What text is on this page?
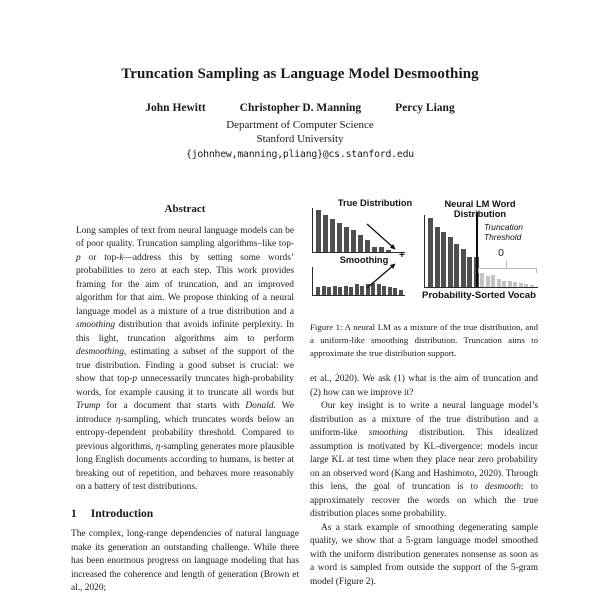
Truncation Sampling as Language Model Desmoothing
John Hewitt	Christopher D. Manning	Percy Liang
Department of Computer Science
Stanford University
{johnhew,manning,pliang}@cs.stanford.edu
Abstract
Long samples of text from neural language models can be of poor quality. Truncation sampling algorithms–like top-p or top-k—address this by setting some words’ probabilities to zero at each step. This work provides framing for the aim of truncation, and an improved algorithm for that aim. We propose thinking of a neural language model as a mixture of a true distribution and a smoothing distribution that avoids infinite perplexity. In this light, truncation algorithms aim to perform desmoothing, estimating a subset of the support of the true distribution. Finding a good subset is crucial: we show that top-p unnecessarily truncates high-probability words, for example causing it to truncate all words but Trump for a document that starts with Donald. We introduce η-sampling, which truncates words below an entropy-dependent probability threshold. Compared to previous algorithms, η-sampling generates more plausible long English documents according to humans, is better at breaking out of repetition, and behaves more reasonably on a battery of test distributions.
1 Introduction
The complex, long-range dependencies of natural language make its generation an outstanding challenge. While there has been enormous progress on language modeling that has increased the coherence and length of generation (Brown et al., 2020;
True Distribution
Smoothing	+
Neural LM Word Distribution
Truncation Threshold
0
Probability-Sorted Vocab
Figure 1: A neural LM as a mixture of the true distribution, and a uniform-like smoothing distribution. Truncation aims to approximate the true distribution support.
et al., 2020). We ask (1) what is the aim of truncation and (2) how can we improve it?
Our key insight is to write a neural language model’s distribution as a mixture of the true distribution and a uniform-like smoothing distribution. This idealized assumption is motivated by KL-divergence: models incur large KL at test time when they place near zero probability on an observed word (Kang and Hashimoto, 2020). Through this lens, the goal of truncation is to desmooth: to approximately recover the words on which the true distribution places some probability.
As a stark example of smoothing degenerating sample quality, we show that a 5-gram language model smoothed with the uniform distribution generates nonsense as soon as a word is sampled from outside the support of the 5-gram model (Figure 2).
